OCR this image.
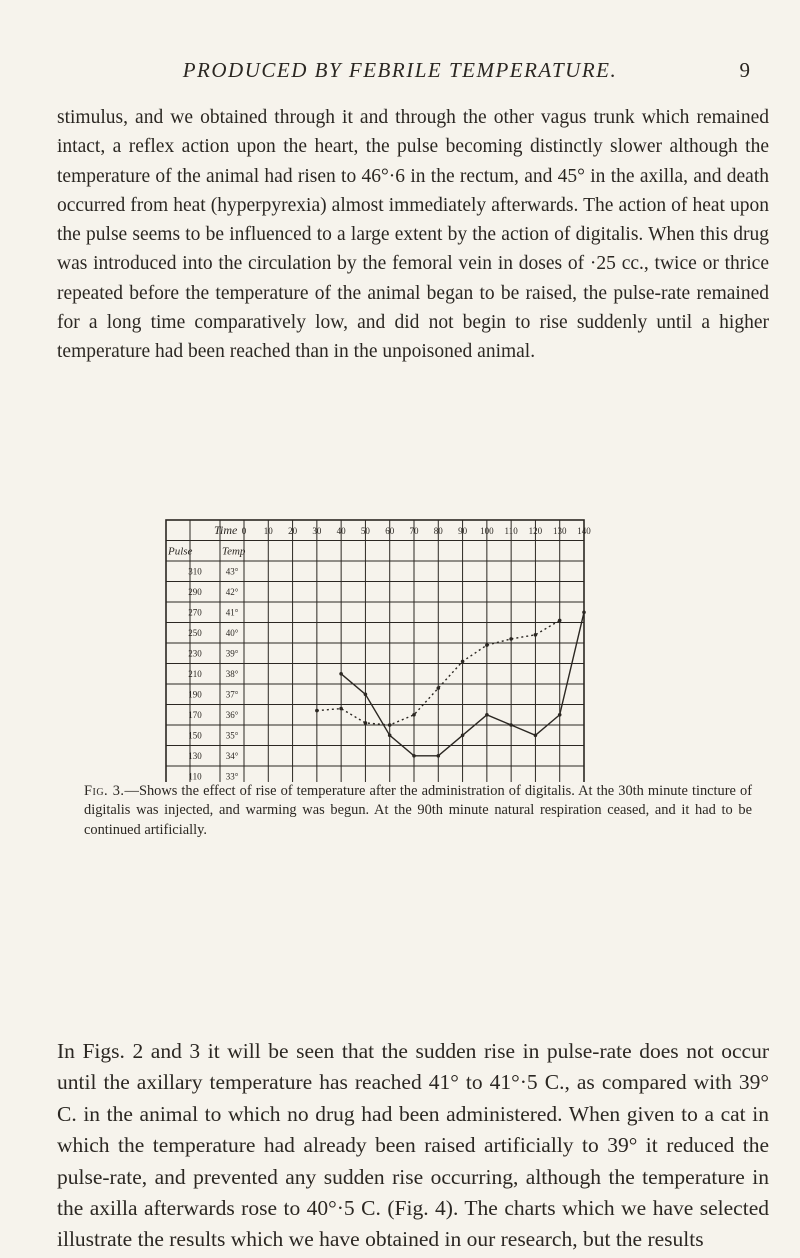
PRODUCED BY FEBRILE TEMPERATURE.	9

stimulus, and we obtained through it and through the other vagus trunk which remained intact, a reflex action upon the heart, the pulse becoming distinctly slower although the temperature of the animal had risen to 46°·6 in the rectum, and 45° in the axilla, and death occurred from heat (hyperpyrexia) almost immediately afterwards. The action of heat upon the pulse seems to be influenced to a large extent by the action of digitalis. When this drug was introduced into the circulation by the femoral vein in doses of ·25 cc., twice or thrice repeated before the temperature of the animal began to be raised, the pulse-rate remained for a long time comparatively low, and did not begin to rise suddenly until a higher temperature had been reached than in the unpoisoned animal.

Time
Pulse	Temp
0 10 20 30 40 50 60 70 80 90 100 110 120 130 140
310
290
270
250
230
210
190
170
150
130
110
43°
42°
41°
40°
39°
38°
37°
36°
35°
34°
33°

Fig. 3.—Shows the effect of rise of temperature after the administration of digitalis. At the 30th minute tincture of digitalis was injected, and warming was begun. At the 90th minute natural respiration ceased, and it had to be continued artificially.

In Figs. 2 and 3 it will be seen that the sudden rise in pulse-rate does not occur until the axillary temperature has reached 41° to 41°·5 C., as compared with 39° C. in the animal to which no drug had been administered. When given to a cat in which the temperature had already been raised artificially to 39° it reduced the pulse-rate, and prevented any sudden rise occurring, although the temperature in the axilla afterwards rose to 40°·5 C. (Fig. 4). The charts which we have selected illustrate the results which we have obtained in our research, but the results
